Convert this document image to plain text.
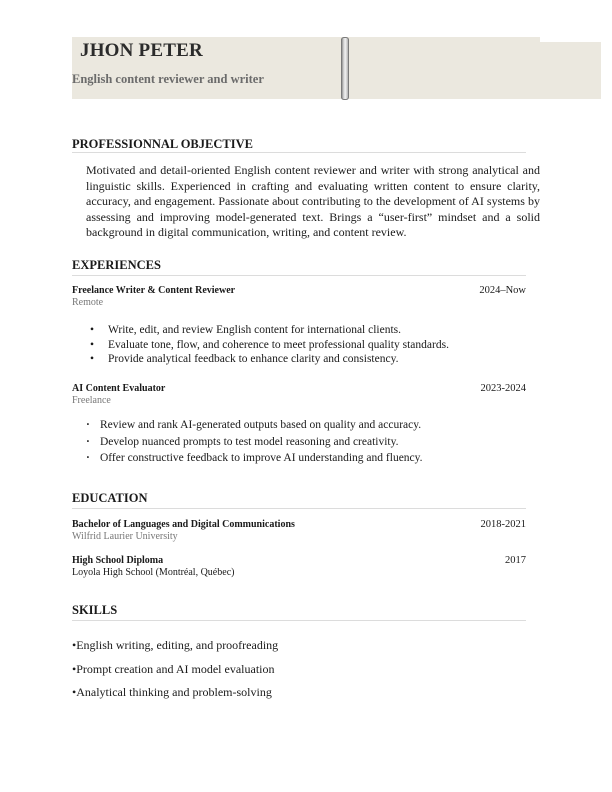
JHON PETER
English content reviewer and writer
PROFESSIONNAL OBJECTIVE
Motivated and detail-oriented English content reviewer and writer with strong analytical and linguistic skills. Experienced in crafting and evaluating written content to ensure clarity, accuracy, and engagement. Passionate about contributing to the development of AI systems by assessing and improving model-generated text. Brings a “user-first” mindset and a solid background in digital communication, writing, and content review.
EXPERIENCES
Freelance Writer & Content Reviewer	2024–Now
Remote
• Write, edit, and review English content for international clients.
• Evaluate tone, flow, and coherence to meet professional quality standards.
• Provide analytical feedback to enhance clarity and consistency.
AI Content Evaluator	2023-2024
Freelance
· Review and rank AI-generated outputs based on quality and accuracy.
· Develop nuanced prompts to test model reasoning and creativity.
· Offer constructive feedback to improve AI understanding and fluency.
EDUCATION
Bachelor of Languages and Digital Communications	2018-2021
Wilfrid Laurier University
High School Diploma	2017
Loyola High School (Montréal, Québec)
SKILLS
•English writing, editing, and proofreading
•Prompt creation and AI model evaluation
•Analytical thinking and problem-solving
